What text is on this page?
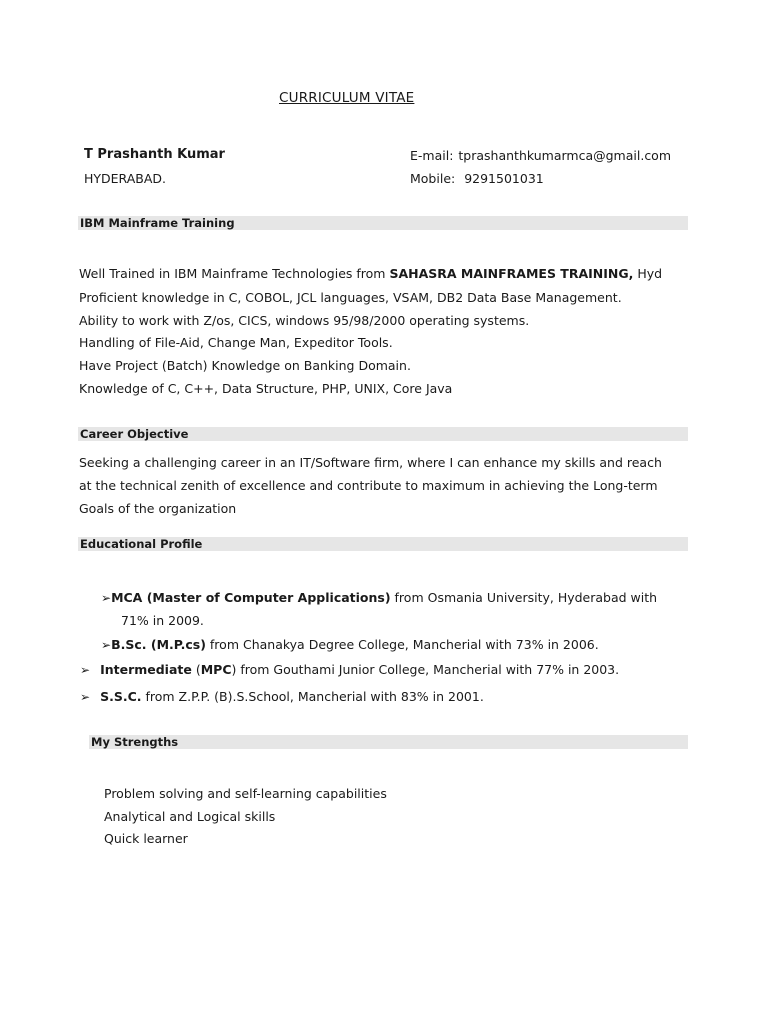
CURRICULUM VITAE
T Prashanth Kumar
HYDERABAD.
E-mail: tprashanthkumarmca@gmail.com
Mobile: 9291501031
IBM Mainframe Training
Well Trained in IBM Mainframe Technologies from SAHASRA MAINFRAMES TRAINING, Hyd
Proficient knowledge in C, COBOL, JCL languages, VSAM, DB2 Data Base Management.
Ability to work with Z/os, CICS, windows 95/98/2000 operating systems.
Handling of File-Aid, Change Man, Expeditor Tools.
Have Project (Batch) Knowledge on Banking Domain.
Knowledge of C, C++, Data Structure, PHP, UNIX, Core Java
Career Objective
Seeking a challenging career in an IT/Software firm, where I can enhance my skills and reach
at the technical zenith of excellence and contribute to maximum in achieving the Long-term
Goals of the organization
Educational Profile
➢MCA (Master of Computer Applications) from Osmania University, Hyderabad with
71% in 2009.
➢B.Sc. (M.P.cs) from Chanakya Degree College, Mancherial with 73% in 2006.
➢ Intermediate (MPC) from Gouthami Junior College, Mancherial with 77% in 2003.
➢ S.S.C. from Z.P.P. (B).S.School, Mancherial with 83% in 2001.
My Strengths
Problem solving and self-learning capabilities
Analytical and Logical skills
Quick learner
